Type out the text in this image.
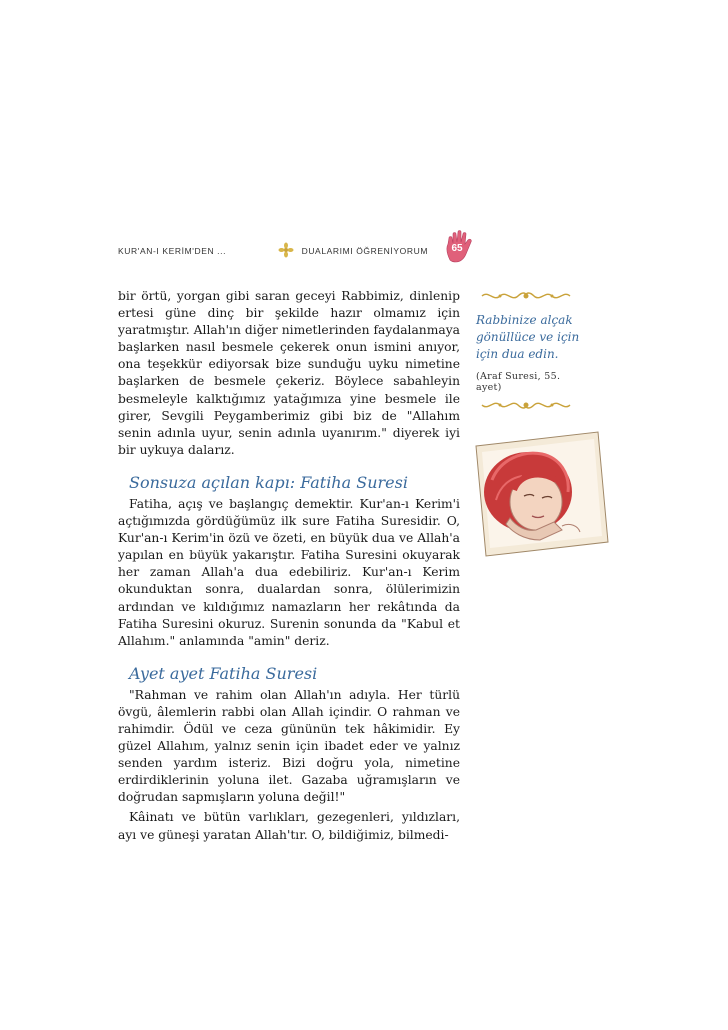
KUR'AN-I KERİM'DEN ...	DUALARIMI ÖĞRENİYORUM	65

bir örtü, yorgan gibi saran geceyi Rabbimiz, dinlenip ertesi güne dinç bir şekilde hazır olmamız için yaratmıştır. Allah'ın diğer nimetlerinden faydalanmaya başlarken nasıl besmele çekerek onun ismini anıyor, ona teşekkür ediyorsak bize sunduğu uyku nimetine başlarken de besmele çekeriz. Böylece sabahleyin besmeleyle kalktığımız yatağımıza yine besmele ile girer, Sevgili Peygamberimiz gibi biz de "Allahım senin adınla uyur, senin adınla uyanırım." diyerek iyi bir uykuya dalarız.

Sonsuza açılan kapı: Fatiha Suresi

Fatiha, açış ve başlangıç demektir. Kur'an-ı Kerim'i açtığımızda gördüğümüz ilk sure Fatiha Suresidir. O, Kur'an-ı Kerim'in özü ve özeti, en büyük dua ve Allah'a yapılan en büyük yakarıştır. Fatiha Suresini okuyarak her zaman Allah'a dua edebiliriz. Kur'an-ı Kerim okunduktan sonra, dualardan sonra, ölülerimizin ardından ve kıldığımız namazların her rekâtında da Fatiha Suresini okuruz. Surenin sonunda da "Kabul et Allahım." anlamında "amin" deriz.

Ayet ayet Fatiha Suresi

"Rahman ve rahim olan Allah'ın adıyla. Her türlü övgü, âlemlerin rabbi olan Allah içindir. O rahman ve rahimdir. Ödül ve ceza gününün tek hâkimidir. Ey güzel Allahım, yalnız senin için ibadet eder ve yalnız senden yardım isteriz. Bizi doğru yola, nimetine erdirdiklerinin yoluna ilet. Gazaba uğramışların ve doğrudan sapmışların yoluna değil!"

Kâinatı ve bütün varlıkları, gezegenleri, yıldızları, ayı ve güneşi yaratan Allah'tır. O, bildiğimiz, bilmedi-

Rabbinize alçak gönüllüce ve için için dua edin.
(Araf Suresi, 55. ayet)
